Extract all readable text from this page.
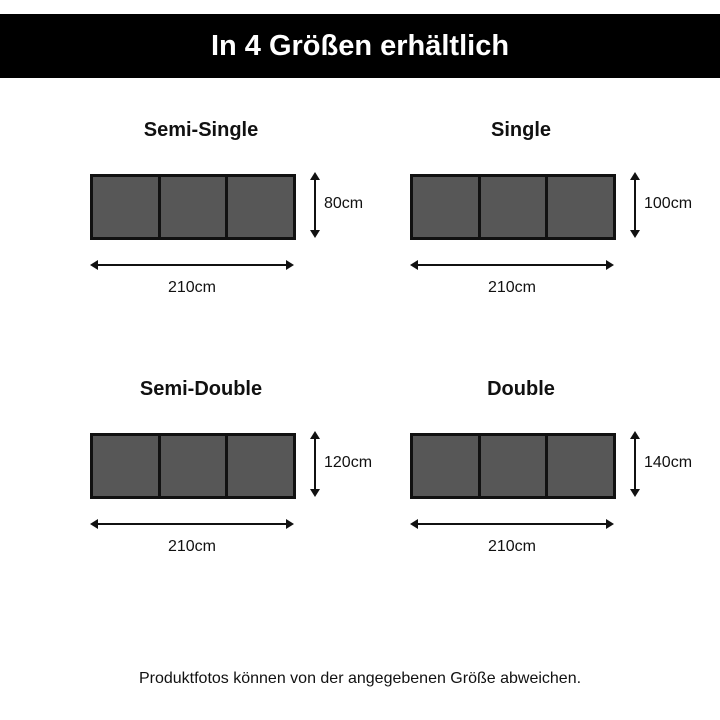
In 4 Größen erhältlich
Semi-Single
80cm
210cm
Single
100cm
210cm
Semi-Double
120cm
210cm
Double
140cm
210cm
Produktfotos können von der angegebenen Größe abweichen.
